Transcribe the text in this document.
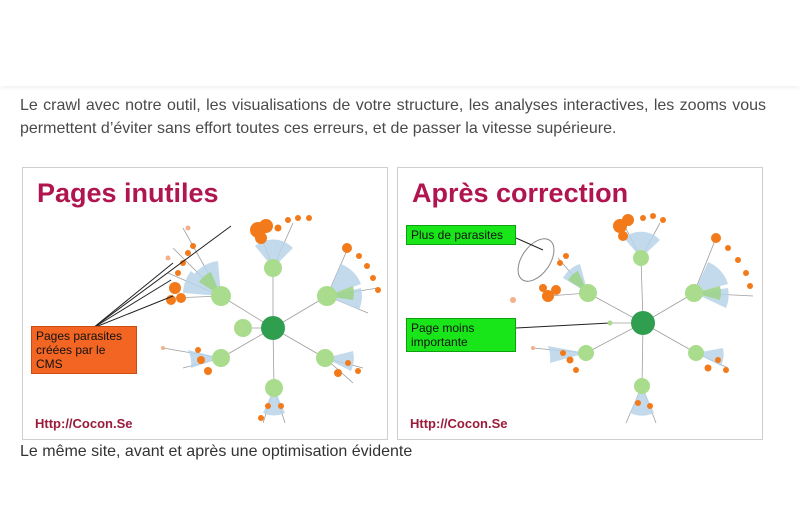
Le crawl avec notre outil, les visualisations de votre structure, les analyses interactives, les zooms vous permettent d’éviter sans effort toutes ces erreurs, et de passer la vitesse supérieure.

Pages inutiles
Pages parasites créées par le CMS
Http://Cocon.Se
Après correction
Plus de parasites
Page moins importante
Http://Cocon.Se
Le même site, avant et après une optimisation évidente
